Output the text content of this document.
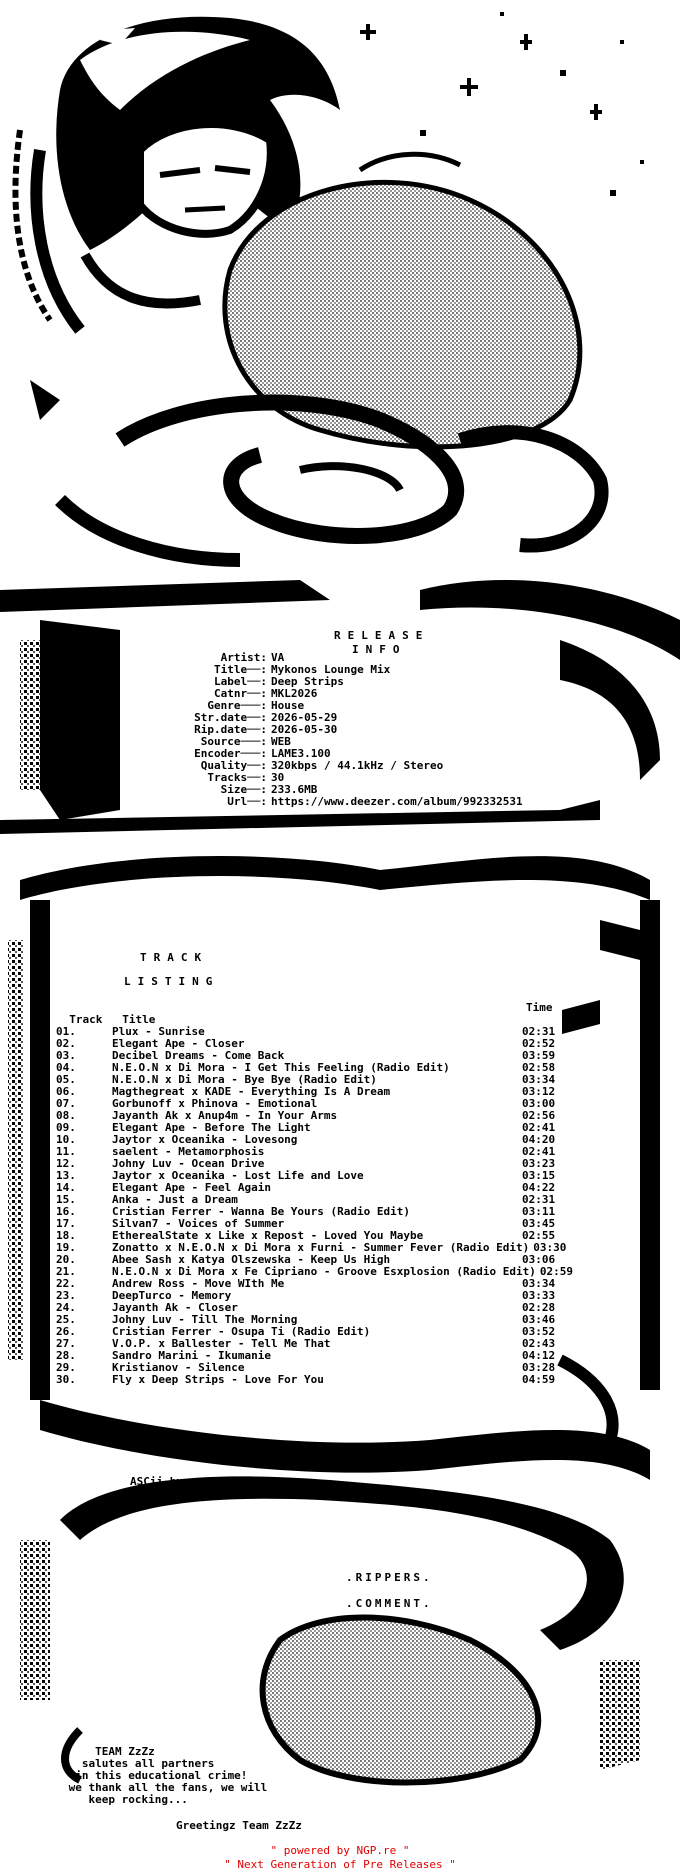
RELEASE
INFO
Artist: VA
Title──: Mykonos Lounge Mix
Label──: Deep Strips
Catnr──: MKL2026
Genre───: House
Str.date──: 2026-05-29
Rip.date──: 2026-05-30
Source───: WEB
Encoder───: LAME3.100
Quality──: 320kbps / 44.1kHz / Stereo
Tracks──: 30
Size──: 233.6MB
Url──: https://www.deezer.com/album/992332531
TRACK
LISTING

Track Title
Time

01.	Plux - Sunrise	02:31
02.	Elegant Ape - Closer	02:52
03.	Decibel Dreams - Come Back	03:59
04.	N.E.O.N x Di Mora - I Get This Feeling (Radio Edit)	02:58
05.	N.E.O.N x Di Mora - Bye Bye (Radio Edit)	03:34
06.	Magthegreat x KADE - Everything Is A Dream	03:12
07.	Gorbunoff x Phinova - Emotional	03:00
08.	Jayanth Ak x Anup4m - In Your Arms	02:56
09.	Elegant Ape - Before The Light	02:41
10.	Jaytor x Oceanika - Lovesong	04:20
11.	saelent - Metamorphosis	02:41
12.	Johny Luv - Ocean Drive	03:23
13.	Jaytor x Oceanika - Lost Life and Love	03:15
14.	Elegant Ape - Feel Again	04:22
15.	Anka - Just a Dream	02:31
16.	Cristian Ferrer - Wanna Be Yours (Radio Edit)	03:11
17.	Silvan7 - Voices of Summer	03:45
18.	EtherealState x Like x Repost - Loved You Maybe	02:55
19.	Zonatto x N.E.O.N x Di Mora x Furni - Summer Fever (Radio Edit) 03:30
20.	Abee Sash x Katya Olszewska - Keep Us High	03:06
21.	N.E.O.N x Di Mora x Fe Cipriano - Groove Esxplosion (Radio Edit) 02:59
22.	Andrew Ross - Move WIth Me	03:34
23.	DeepTurco - Memory	03:33
24.	Jayanth Ak - Closer	02:28
25.	Johny Luv - Till The Morning	03:46
26.	Cristian Ferrer - Osupa Ti (Radio Edit)	03:52
27.	V.O.P. x Ballester - Tell Me That	02:43
28.	Sandro Marini - Ikumanie	04:12
29.	Kristianov - Silence	03:28
30.	Fly x Deep Strips - Love For You	04:59
ASCii by
gonz_zZzZ
.RIPPERS.
.COMMENT.
TEAM ZzZz
salutes all partners
in this educational crime!
we thank all the fans, we will
keep rocking...
Greetingz Team ZzZz

" powered by NGP.re "

" Next Generation of Pre Releases "
